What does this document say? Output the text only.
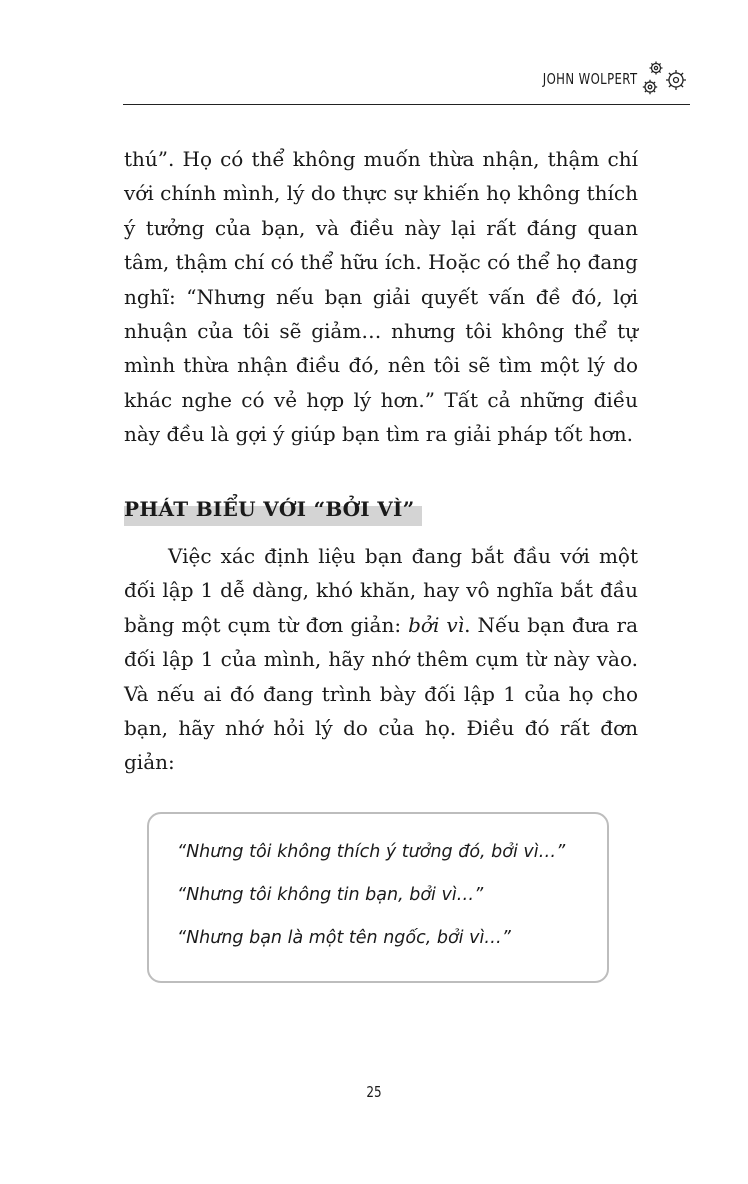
JOHN WOLPERT

thú”. Họ có thể không muốn thừa nhận, thậm chí với chính mình, lý do thực sự khiến họ không thích ý tưởng của bạn, và điều này lại rất đáng quan tâm, thậm chí có thể hữu ích. Hoặc có thể họ đang nghĩ: “Nhưng nếu bạn giải quyết vấn đề đó, lợi nhuận của tôi sẽ giảm… nhưng tôi không thể tự mình thừa nhận điều đó, nên tôi sẽ tìm một lý do khác nghe có vẻ hợp lý hơn.” Tất cả những điều này đều là gợi ý giúp bạn tìm ra giải pháp tốt hơn.

PHÁT BIỂU VỚI “BỞI VÌ”

Việc xác định liệu bạn đang bắt đầu với một đối lập 1 dễ dàng, khó khăn, hay vô nghĩa bắt đầu bằng một cụm từ đơn giản: bởi vì. Nếu bạn đưa ra đối lập 1 của mình, hãy nhớ thêm cụm từ này vào. Và nếu ai đó đang trình bày đối lập 1 của họ cho bạn, hãy nhớ hỏi lý do của họ. Điều đó rất đơn giản:

“Nhưng tôi không thích ý tưởng đó, bởi vì…”
“Nhưng tôi không tin bạn, bởi vì…”
“Nhưng bạn là một tên ngốc, bởi vì…”
25
